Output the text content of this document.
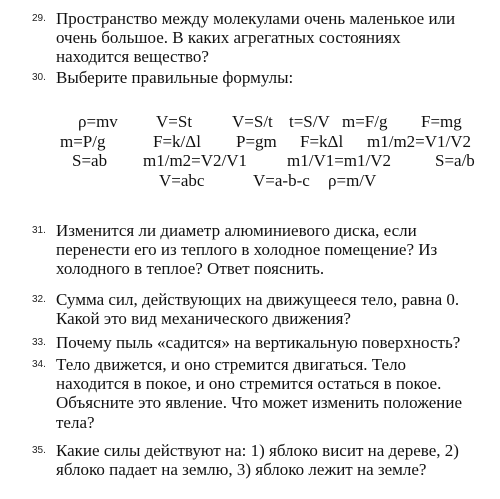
29. Пространство между молекулами очень маленькое или
очень большое. В каких агрегатных состояниях
находится вещество?
30. Выберите правильные формулы:
ρ=mv V=St V=S/t t=S/V m=F/g F=mg
m=P/g	F=k/Δl P=gm F=kΔl m1/m2=V1/V2
S=ab m1/m2=V2/V1 m1/V1=m1/V2	S=a/b
V=abc	V=a-b-c ρ=m/V
31. Изменится ли диаметр алюминиевого диска, если
перенести его из теплого в холодное помещение? Из
холодного в теплое? Ответ пояснить.
32. Сумма сил, действующих на движущееся тело, равна 0.
Какой это вид механического движения?
33. Почему пыль «садится» на вертикальную поверхность?
34. Тело движется, и оно стремится двигаться. Тело
находится в покое, и оно стремится остаться в покое.
Объясните это явление. Что может изменить положение
тела?
35. Какие силы действуют на: 1) яблоко висит на дереве, 2)
яблоко падает на землю, 3) яблоко лежит на земле?
